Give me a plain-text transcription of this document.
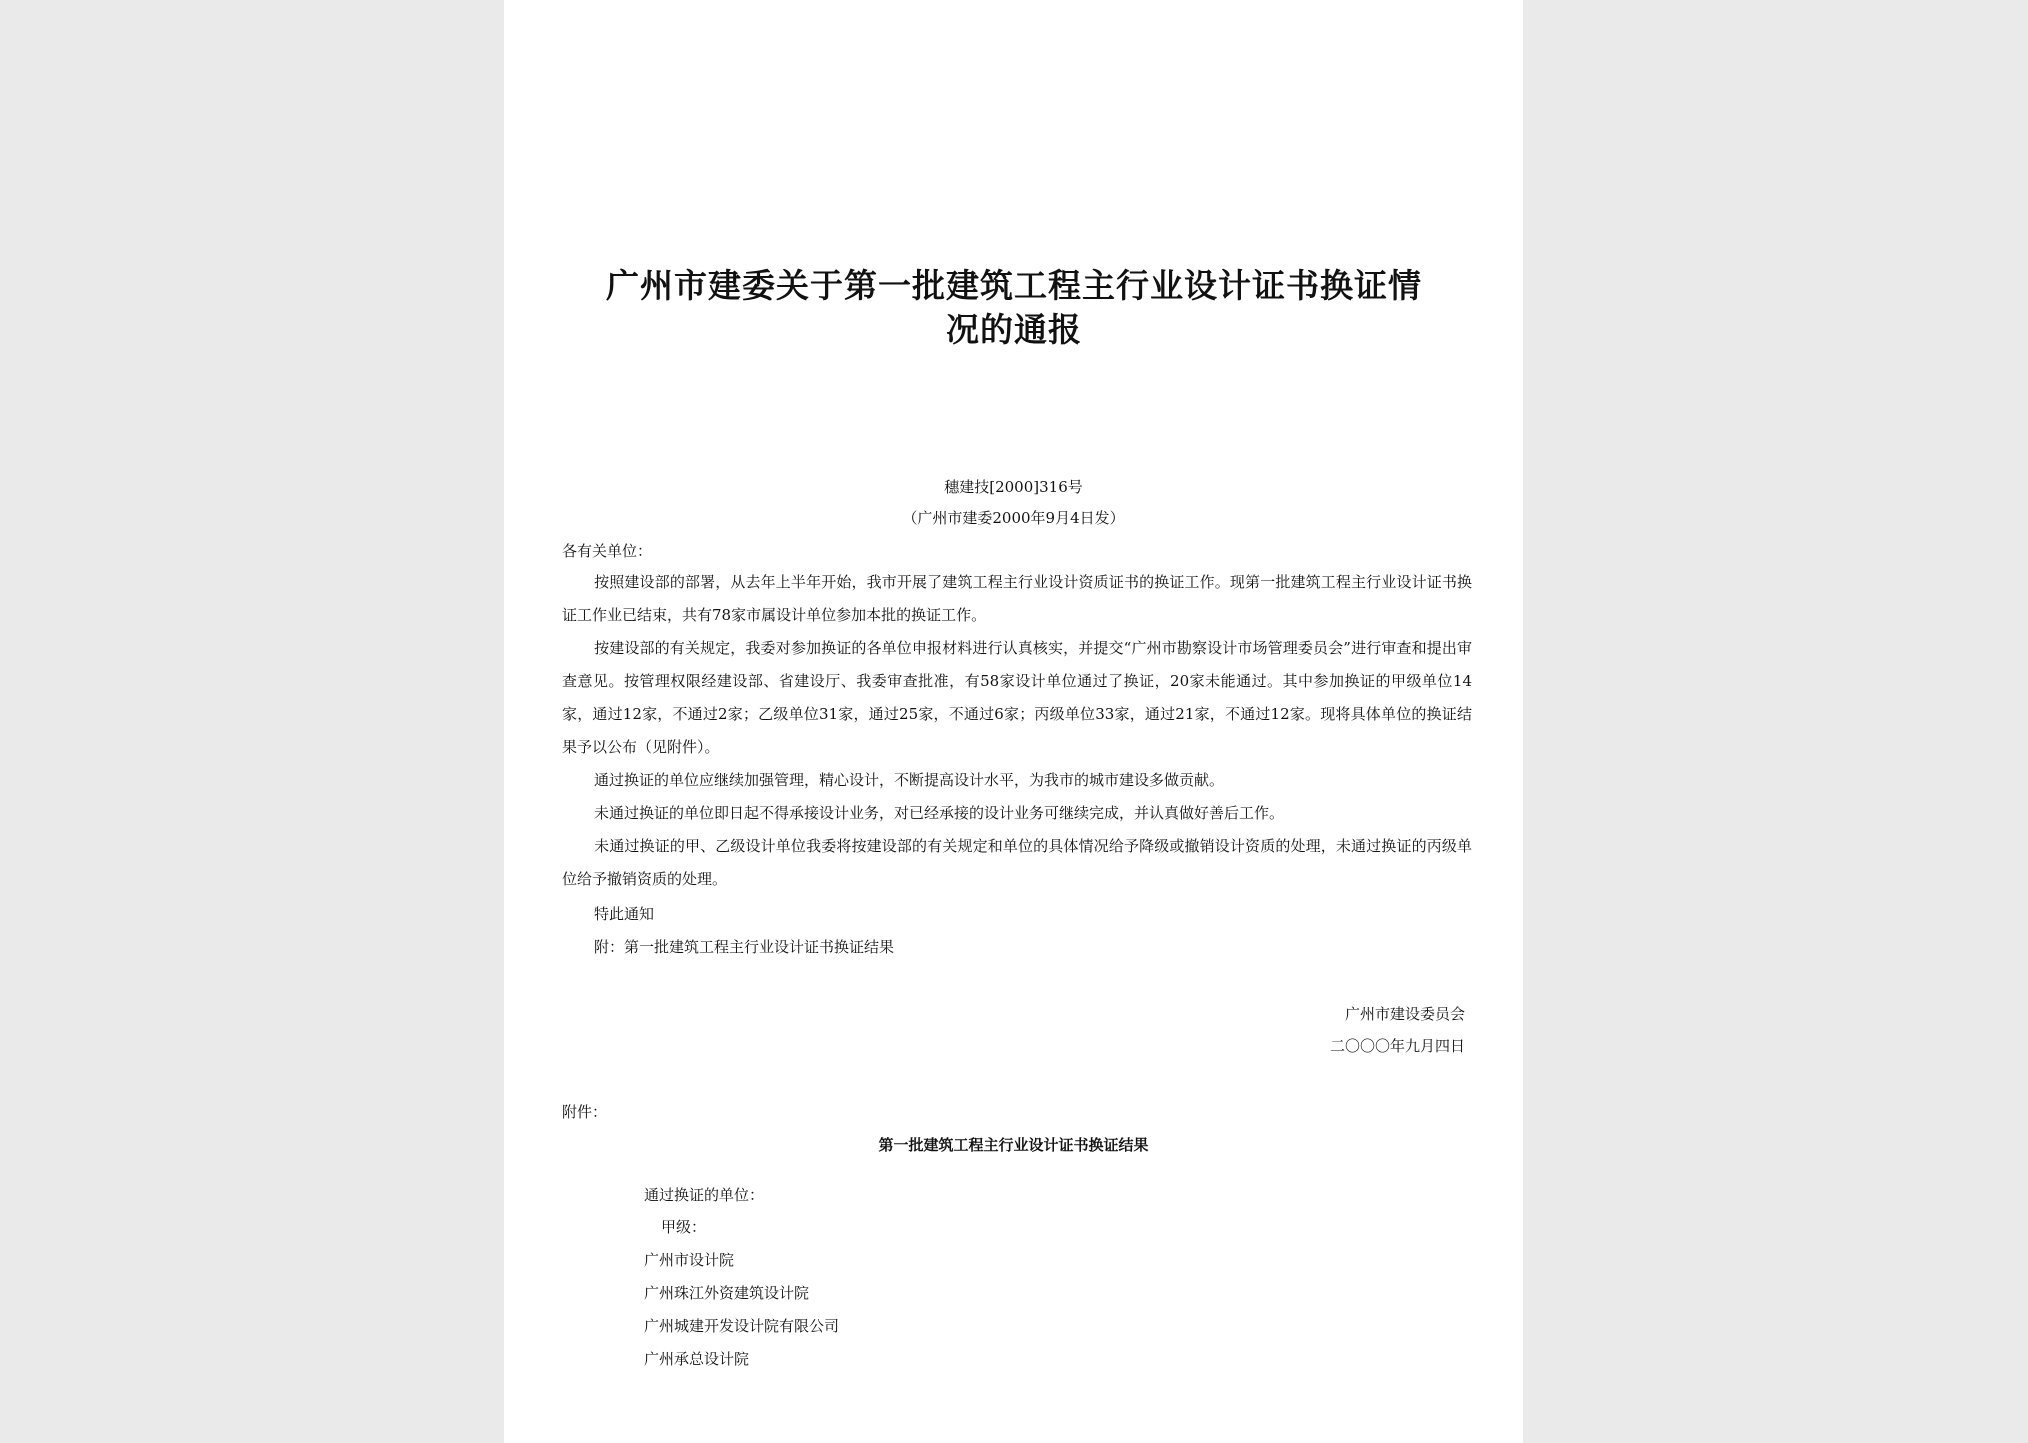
广州市建委关于第一批建筑工程主行业设计证书换证情
况的通报
穗建技[2000]316号
（广州市建委2000年9月4日发）
各有关单位：
按照建设部的部署，从去年上半年开始，我市开展了建筑工程主行业设计资质证书的换证工作。现第一批建筑工程主行业设计证书换证工作业已结束，共有78家市属设计单位参加本批的换证工作。
按建设部的有关规定，我委对参加换证的各单位申报材料进行认真核实，并提交“广州市勘察设计市场管理委员会”进行审查和提出审查意见。按管理权限经建设部、省建设厅、我委审查批准，有58家设计单位通过了换证，20家未能通过。其中参加换证的甲级单位14家，通过12家，不通过2家；乙级单位31家，通过25家，不通过6家；丙级单位33家，通过21家，不通过12家。现将具体单位的换证结果予以公布（见附件）。
通过换证的单位应继续加强管理，精心设计，不断提高设计水平，为我市的城市建设多做贡献。
未通过换证的单位即日起不得承接设计业务，对已经承接的设计业务可继续完成，并认真做好善后工作。
未通过换证的甲、乙级设计单位我委将按建设部的有关规定和单位的具体情况给予降级或撤销设计资质的处理，未通过换证的丙级单位给予撤销资质的处理。
特此通知
附：第一批建筑工程主行业设计证书换证结果
广州市建设委员会
二〇〇〇年九月四日
附件：
第一批建筑工程主行业设计证书换证结果
通过换证的单位：
甲级：
广州市设计院
广州珠江外资建筑设计院
广州城建开发设计院有限公司
广州承总设计院
